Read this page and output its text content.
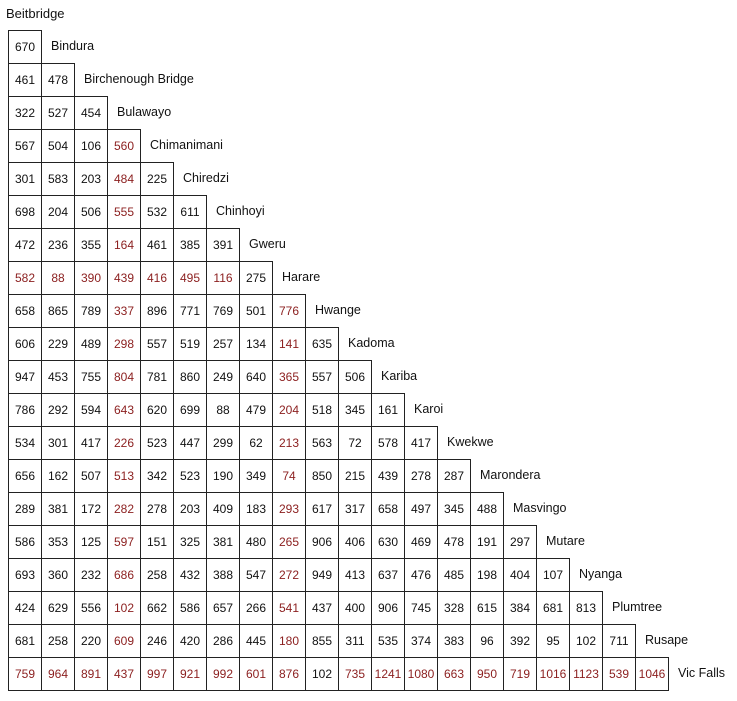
Beitbridge
670	Bindura
461	478	Birchenough Bridge
322	527	454	Bulawayo
567	504	106	560	Chimanimani
301	583	203	484	225	Chiredzi
698	204	506	555	532	611	Chinhoyi
472	236	355	164	461	385	391	Gweru
582	88	390	439	416	495	116	275	Harare
658	865	789	337	896	771	769	501	776	Hwange
606	229	489	298	557	519	257	134	141	635	Kadoma
947	453	755	804	781	860	249	640	365	557	506	Kariba
786	292	594	643	620	699	88	479	204	518	345	161	Karoi
534	301	417	226	523	447	299	62	213	563	72	578	417	Kwekwe
656	162	507	513	342	523	190	349	74	850	215	439	278	287	Marondera
289	381	172	282	278	203	409	183	293	617	317	658	497	345	488	Masvingo
586	353	125	597	151	325	381	480	265	906	406	630	469	478	191	297	Mutare
693	360	232	686	258	432	388	547	272	949	413	637	476	485	198	404	107	Nyanga
424	629	556	102	662	586	657	266	541	437	400	906	745	328	615	384	681	813	Plumtree
681	258	220	609	246	420	286	445	180	855	311	535	374	383	96	392	95	102	711	Rusape
759	964	891	437	997	921	992	601	876	102	735 1241 1080 663	950	719 1016 1123 539 1046	Vic Falls
